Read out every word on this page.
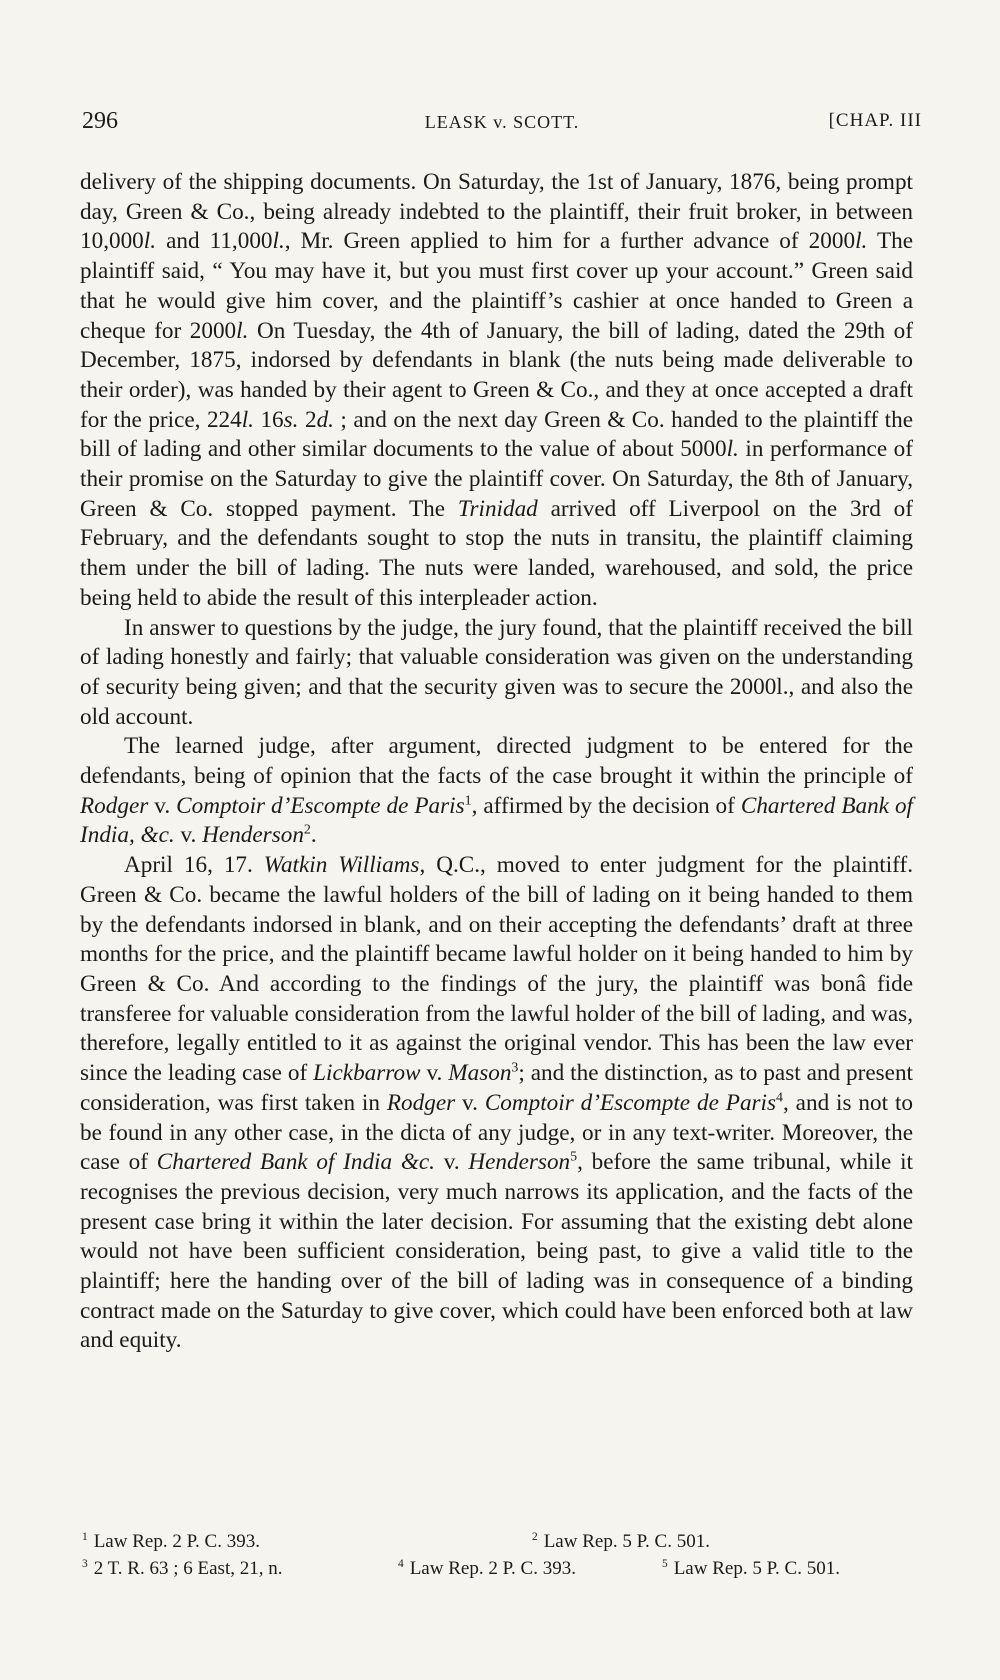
296	LEASK v. SCOTT.	[CHAP. III

delivery of the shipping documents. On Saturday, the 1st of January, 1876, being prompt day, Green & Co., being already indebted to the plaintiff, their fruit broker, in between 10,000l. and 11,000l., Mr. Green applied to him for a further advance of 2000l. The plaintiff said, “ You may have it, but you must first cover up your account.” Green said that he would give him cover, and the plaintiff’s cashier at once handed to Green a cheque for 2000l. On Tuesday, the 4th of January, the bill of lading, dated the 29th of December, 1875, indorsed by defendants in blank (the nuts being made deliverable to their order), was handed by their agent to Green & Co., and they at once accepted a draft for the price, 224l. 16s. 2d. ; and on the next day Green & Co. handed to the plaintiff the bill of lading and other similar documents to the value of about 5000l. in performance of their promise on the Saturday to give the plaintiff cover. On Saturday, the 8th of January, Green & Co. stopped payment. The Trinidad arrived off Liverpool on the 3rd of February, and the defendants sought to stop the nuts in transitu, the plaintiff claiming them under the bill of lading. The nuts were landed, warehoused, and sold, the price being held to abide the result of this interpleader action.

In answer to questions by the judge, the jury found, that the plaintiff received the bill of lading honestly and fairly; that valuable consideration was given on the understanding of security being given; and that the security given was to secure the 2000l., and also the old account.

The learned judge, after argument, directed judgment to be entered for the defendants, being of opinion that the facts of the case brought it within the principle of Rodger v. Comptoir d’Escompte de Paris$^1$, affirmed by the decision of Chartered Bank of India, &c. v. Henderson$^2$.

April 16, 17. Watkin Williams, Q.C., moved to enter judgment for the plaintiff. Green & Co. became the lawful holders of the bill of lading on it being handed to them by the defendants indorsed in blank, and on their accepting the defendants’ draft at three months for the price, and the plaintiff became lawful holder on it being handed to him by Green & Co. And according to the findings of the jury, the plaintiff was bonâ fide transferee for valuable consideration from the lawful holder of the bill of lading, and was, therefore, legally entitled to it as against the original vendor. This has been the law ever since the leading case of Lickbarrow v. Mason$^3$; and the distinction, as to past and present consideration, was first taken in Rodger v. Comptoir d’Escompte de Paris$^4$, and is not to be found in any other case, in the dicta of any judge, or in any text-writer. Moreover, the case of Chartered Bank of India &c. v. Henderson$^5$, before the same tribunal, while it recognises the previous decision, very much narrows its application, and the facts of the present case bring it within the later decision. For assuming that the existing debt alone would not have been sufficient consideration, being past, to give a valid title to the plaintiff; here the handing over of the bill of lading was in consequence of a binding contract made on the Saturday to give cover, which could have been enforced both at law and equity.

$^1$ Law Rep. 2 P. C. 393.	$^2$ Law Rep. 5 P. C. 501.
$^3$ 2 T. R. 63 ; 6 East, 21, n.	$^4$ Law Rep. 2 P. C. 393.	$^5$ Law Rep. 5 P. C. 501.
